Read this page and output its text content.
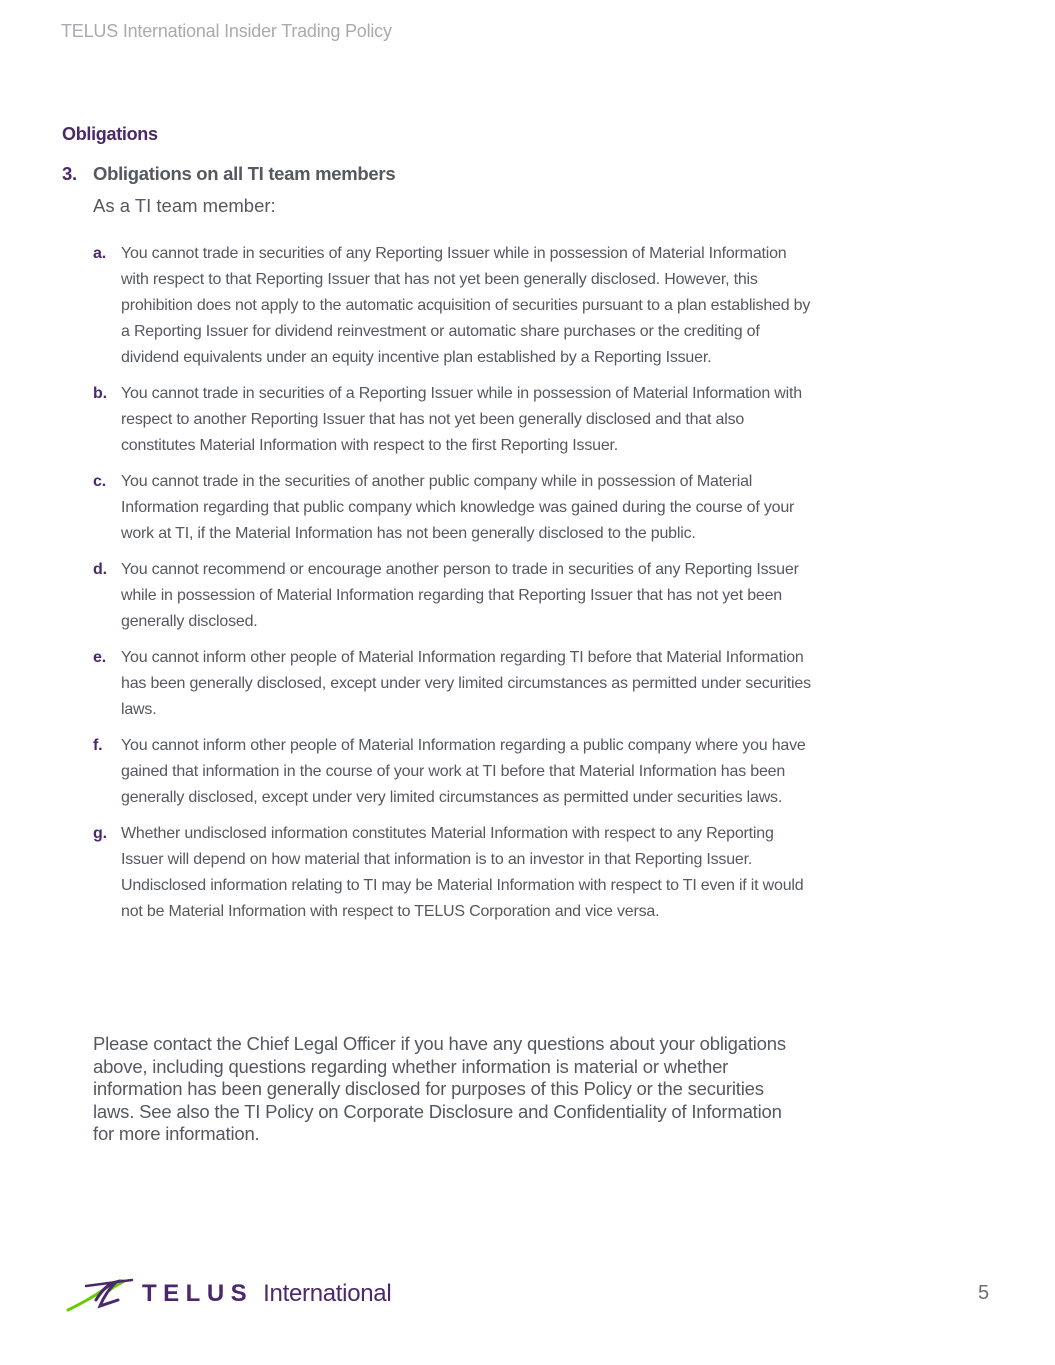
TELUS International Insider Trading Policy
Obligations
3. Obligations on all TI team members
As a TI team member:
a. You cannot trade in securities of any Reporting Issuer while in possession of Material Information with respect to that Reporting Issuer that has not yet been generally disclosed. However, this prohibition does not apply to the automatic acquisition of securities pursuant to a plan established by a Reporting Issuer for dividend reinvestment or automatic share purchases or the crediting of dividend equivalents under an equity incentive plan established by a Reporting Issuer.
b. You cannot trade in securities of a Reporting Issuer while in possession of Material Information with respect to another Reporting Issuer that has not yet been generally disclosed and that also constitutes Material Information with respect to the first Reporting Issuer.
c. You cannot trade in the securities of another public company while in possession of Material Information regarding that public company which knowledge was gained during the course of your work at TI, if the Material Information has not been generally disclosed to the public.
d. You cannot recommend or encourage another person to trade in securities of any Reporting Issuer while in possession of Material Information regarding that Reporting Issuer that has not yet been generally disclosed.
e. You cannot inform other people of Material Information regarding TI before that Material Information has been generally disclosed, except under very limited circumstances as permitted under securities laws.
f. You cannot inform other people of Material Information regarding a public company where you have gained that information in the course of your work at TI before that Material Information has been generally disclosed, except under very limited circumstances as permitted under securities laws.
g. Whether undisclosed information constitutes Material Information with respect to any Reporting Issuer will depend on how material that information is to an investor in that Reporting Issuer. Undisclosed information relating to TI may be Material Information with respect to TI even if it would not be Material Information with respect to TELUS Corporation and vice versa.
Please contact the Chief Legal Officer if you have any questions about your obligations above, including questions regarding whether information is material or whether information has been generally disclosed for purposes of this Policy or the securities laws. See also the TI Policy on Corporate Disclosure and Confidentiality of Information for more information.
TELUS International	5
